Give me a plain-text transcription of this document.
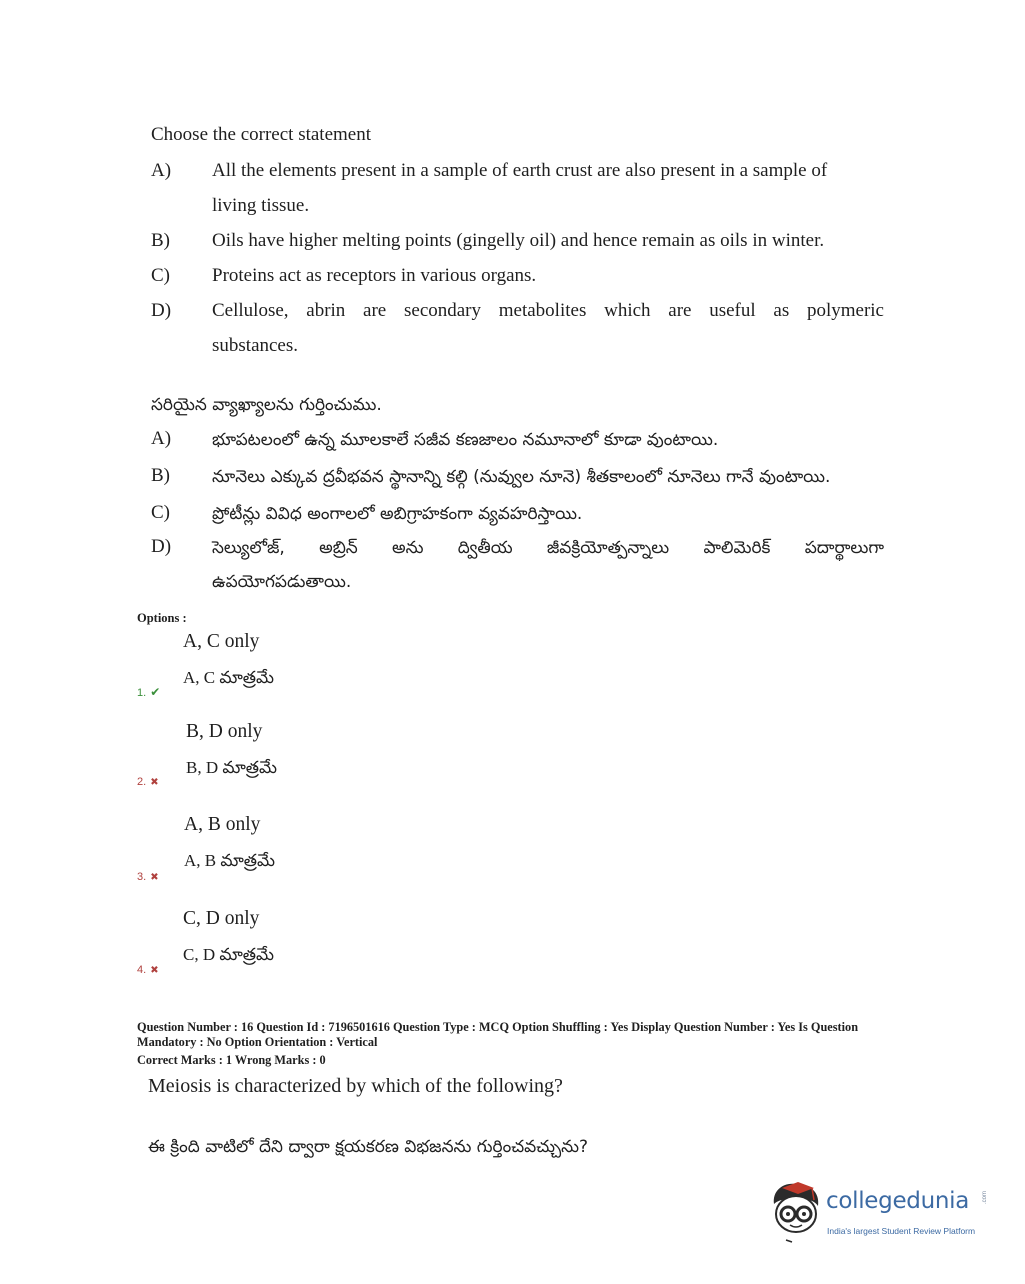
Choose the correct statement
A) All the elements present in a sample of earth crust are also present in a sample of
living tissue.
B) Oils have higher melting points (gingelly oil) and hence remain as oils in winter.
C) Proteins act as receptors in various organs.
D) Cellulose, abrin are secondary metabolites which are useful as polymeric
substances.
సరియైన వ్యాఖ్యాలను గుర్తించుము.
A) భూపటలంలో ఉన్న మూలకాలే సజీవ కణజాలం నమూనాలో కూడా వుంటాయి.
B) నూనెలు ఎక్కువ ద్రవీభవన స్థానాన్ని కల్గి (నువ్వుల నూనె) శీతకాలంలో నూనెలు గానే వుంటాయి.
C) ప్రోటీన్లు వివిధ అంగాలలో అబిగ్రాహకంగా వ్యవహరిస్తాయి.
D) సెల్యులోజ్, అబ్రిన్ అను ద్వితీయ జీవక్రియోత్పన్నాలు పాలిమెరిక్ పదార్థాలుగా
ఉపయోగపడుతాయి.
Options :
A, C only
A, C మాత్రమే
1. ✔
B, D only
B, D మాత్రమే
2. ✖
A, B only
A, B మాత్రమే
3. ✖
C, D only
C, D మాత్రమే
4. ✖
Question Number : 16 Question Id : 7196501616 Question Type : MCQ Option Shuffling : Yes Display Question Number : Yes Is Question Mandatory : No Option Orientation : Vertical
Correct Marks : 1 Wrong Marks : 0
Meiosis is characterized by which of the following?
ఈ క్రింది వాటిలో దేని ద్వారా క్షయకరణ విభజనను గుర్తించవచ్చును?
collegedunia .com
India's largest Student Review Platform
